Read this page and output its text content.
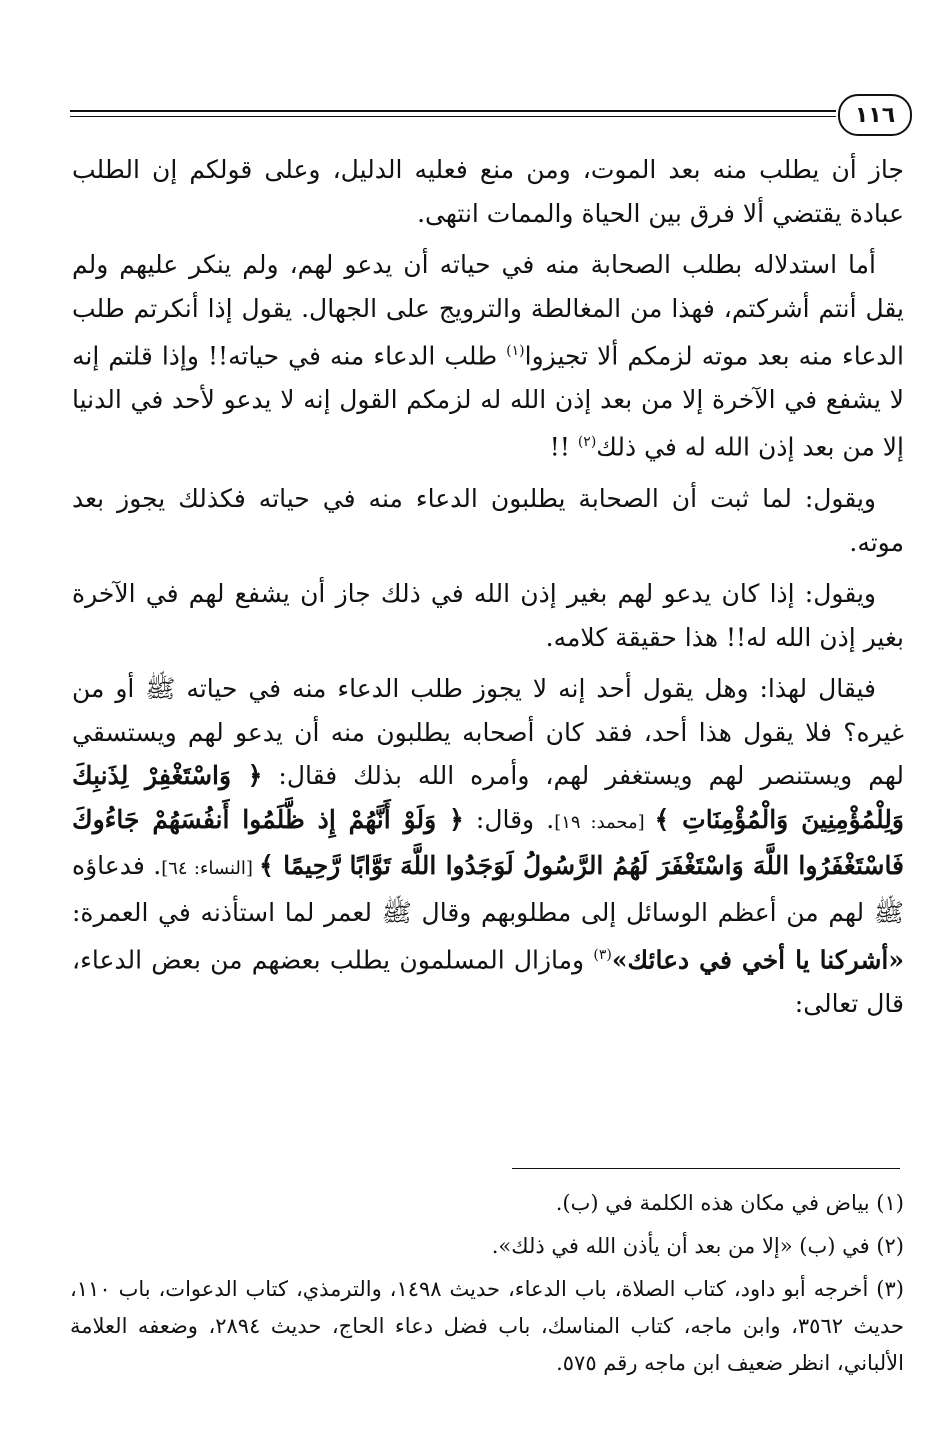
١١٦

جاز أن يطلب منه بعد الموت، ومن منع فعليه الدليل، وعلى قولكم إن الطلب عبادة يقتضي ألا فرق بين الحياة والممات انتهى.

أما استدلاله بطلب الصحابة منه في حياته أن يدعو لهم، ولم ينكر عليهم ولم يقل أنتم أشركتم، فهذا من المغالطة والترويج على الجهال. يقول إذا أنكرتم طلب الدعاء منه بعد موته لزمكم ألا تجيزوا$^{(١)}$ طلب الدعاء منه في حياته!! وإذا قلتم إنه لا يشفع في الآخرة إلا من بعد إذن الله له لزمكم القول إنه لا يدعو لأحد في الدنيا إلا من بعد إذن الله له في ذلك$^{(٢)}$ !!

ويقول: لما ثبت أن الصحابة يطلبون الدعاء منه في حياته فكذلك يجوز بعد موته.

ويقول: إذا كان يدعو لهم بغير إذن الله في ذلك جاز أن يشفع لهم في الآخرة بغير إذن الله له!! هذا حقيقة كلامه.

فيقال لهذا: وهل يقول أحد إنه لا يجوز طلب الدعاء منه في حياته ﷺ أو من غيره؟ فلا يقول هذا أحد، فقد كان أصحابه يطلبون منه أن يدعو لهم ويستسقي لهم ويستنصر لهم ويستغفر لهم، وأمره الله بذلك فقال: ﴿ وَاسْتَغْفِرْ لِذَنبِكَ وَلِلْمُؤْمِنِينَ وَالْمُؤْمِنَاتِ ﴾ [محمد: ١٩]. وقال: ﴿ وَلَوْ أَنَّهُمْ إِذ ظَّلَمُوا أَنفُسَهُمْ جَاءُوكَ فَاسْتَغْفَرُوا اللَّهَ وَاسْتَغْفَرَ لَهُمُ الرَّسُولُ لَوَجَدُوا اللَّهَ تَوَّابًا رَّحِيمًا ﴾ [النساء: ٦٤]. فدعاؤه ﷺ لهم من أعظم الوسائل إلى مطلوبهم وقال ﷺ لعمر لما استأذنه في العمرة: «أشركنا يا أخي في دعائك»$^{(٣)}$ ومازال المسلمون يطلب بعضهم من بعض الدعاء، قال تعالى:

(١) بياض في مكان هذه الكلمة في (ب).

(٢) في (ب) «إلا من بعد أن يأذن الله في ذلك».

(٣) أخرجه أبو داود، كتاب الصلاة، باب الدعاء، حديث ١٤٩٨، والترمذي، كتاب الدعوات، باب ١١٠، حديث ٣٥٦٢، وابن ماجه، كتاب المناسك، باب فضل دعاء الحاج، حديث ٢٨٩٤، وضعفه العلامة الألباني، انظر ضعيف ابن ماجه رقم ٥٧٥.
